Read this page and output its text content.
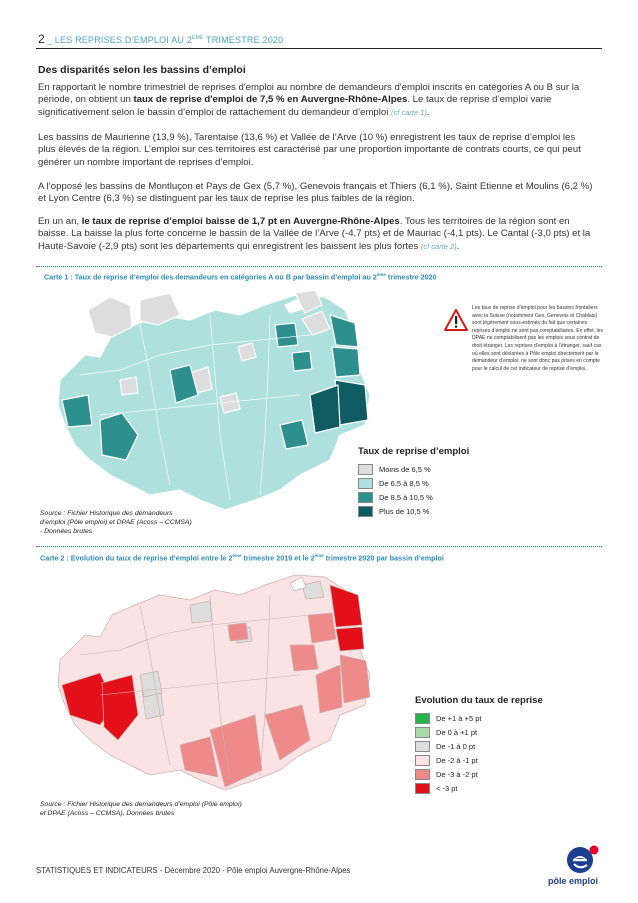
2 _ LES REPRISES D’EMPLOI AU 2EME TRIMESTRE 2020
Des disparités selon les bassins d’emploi
En rapportant le nombre trimestriel de reprises d'emploi au nombre de demandeurs d'emploi inscrits en catégories A ou B sur la période, on obtient un taux de reprise d'emploi de 7,5 % en Auvergne-Rhône-Alpes. Le taux de reprise d’emploi varie significativement selon le bassin d’emploi de rattachement du demandeur d’emploi (cf carte 1).
Les bassins de Maurienne (13,9 %), Tarentaise (13,6 %) et Vallée de l’Arve (10 %) enregistrent les taux de reprise d’emploi les plus élevés de la région. L’emploi sur ces territoires est caractérisé par une proportion importante de contrats courts, ce qui peut générer un nombre important de reprises d’emploi.
A l’opposé les bassins de Montluçon et Pays de Gex (5,7 %), Genevois français et Thiers (6,1 %), Saint Etienne et Moulins (6,2 %) et Lyon Centre (6,3 %) se distinguent par les taux de reprise les plus faibles de la région.
En un an, le taux de reprise d’emploi baisse de 1,7 pt en Auvergne-Rhône-Alpes. Tous les territoires de la région sont en baisse. La baisse la plus forte concerne le bassin de la Vallée de l’Arve (-4,7 pts) et de Mauriac (-4,1 pts). Le Cantal (-3,0 pts) et la Haute-Savoie (-2,9 pts) sont les départements qui enregistrent les baissent les plus fortes (cf carte 2).
Carte 1 : Taux de reprise d’emploi des demandeurs en catégories A ou B par bassin d’emploi au 2ème trimestre 2020
Les taux de reprise d’emploi pour les bassins frontaliers avec la Suisse (notamment Gex, Genevois et Chablais) sont légèrement sous-estimés du fait que certaines reprises d’emploi ne sont pas comptabilisées. En effet, les DPAE ne comptabilisent pas les emplois sous contrat de droit étranger. Les reprises d’emploi à l’étranger, sauf cas où elles sont déclarées à Pôle emploi directement par le demandeur d’emploi, ne sont donc pas prises en compte pour le calcul de cet indicateur de reprise d’emploi.
Taux de reprise d’emploi
Moins de 6,5 %
De 6,5 à 8,5 %
De 8,5 à 10,5 %
Plus de 10,5 %
Source : Fichier Historique des demandeurs
d’emploi (Pôle emploi) et DPAE (Acoss – CCMSA)
- Données brutes
Carte 2 : Evolution du taux de reprise d’emploi entre le 2ème trimestre 2019 et le 2ème trimestre 2020 par bassin d’emploi
Evolution du taux de reprise
De +1 à +5 pt
De 0 à +1 pt
De -1 à 0 pt
De -2 à -1 pt
De -3 à -2 pt
< -3 pt
Source : Fichier Historique des demandeurs d’emploi (Pôle emploi)
et DPAE (Acoss – CCMSA), Données brutes
STATISTIQUES ET INDICATEURS - Décembre 2020 - Pôle emploi Auvergne-Rhône-Alpes
pôle emploi
